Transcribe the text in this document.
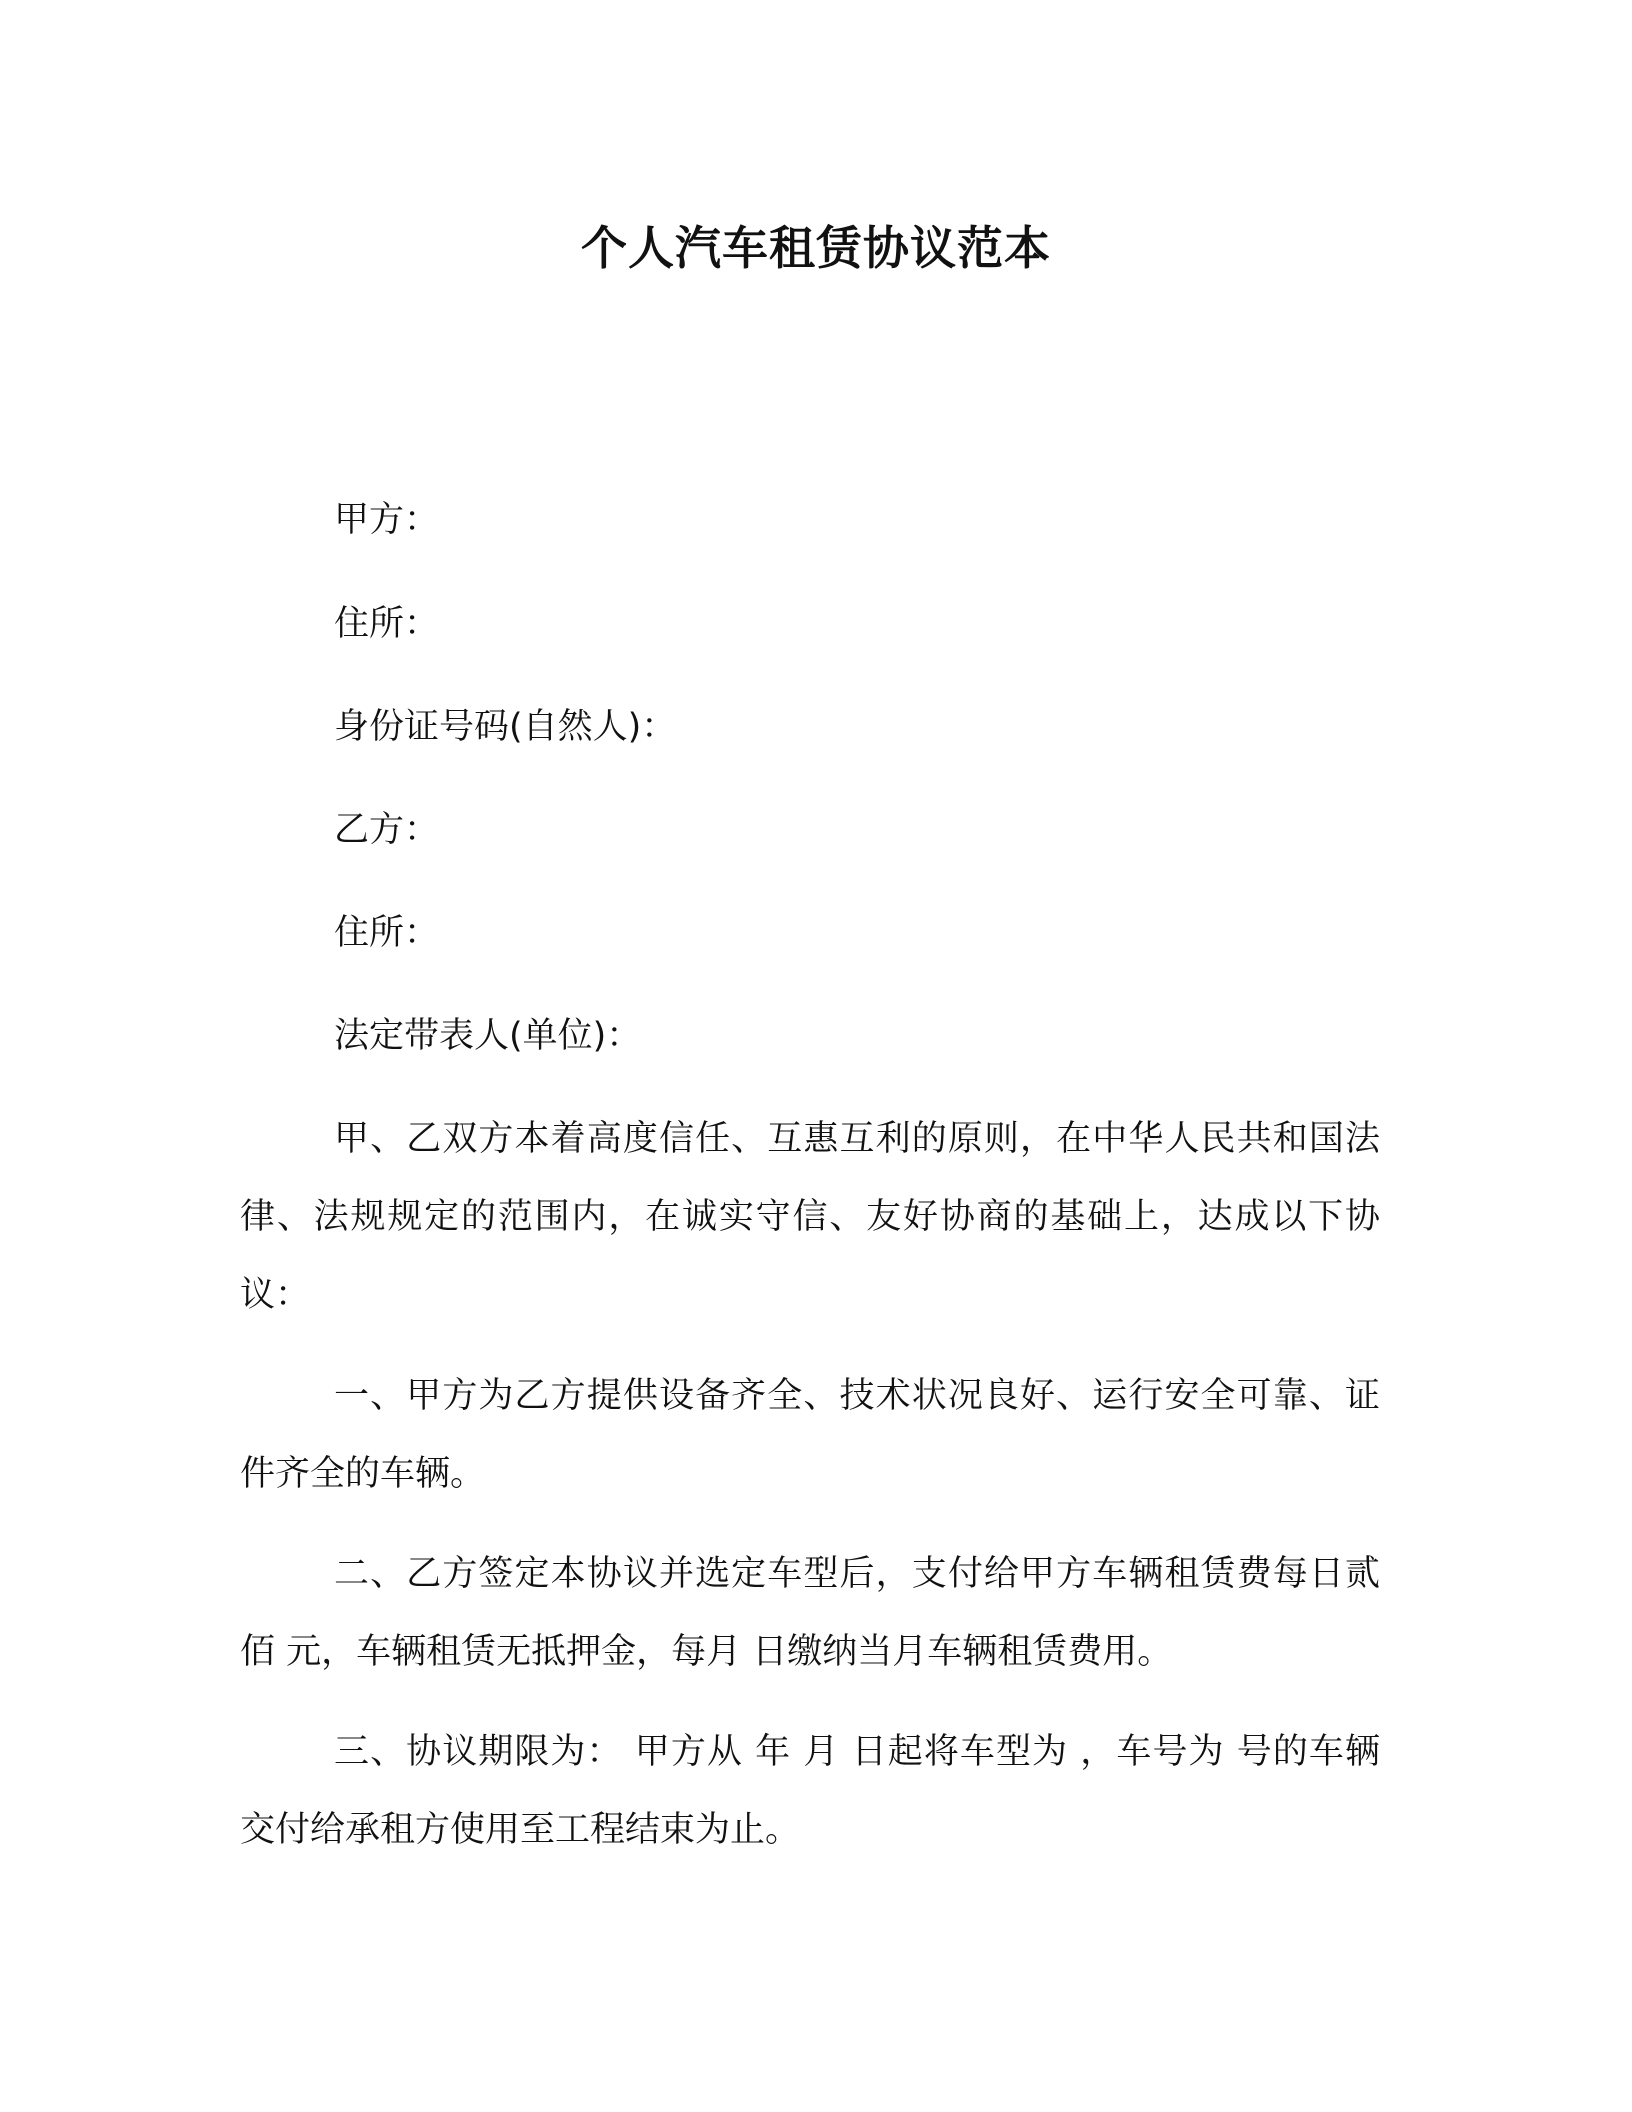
个人汽车租赁协议范本
甲方：
住所：
身份证号码(自然人)：
乙方：
住所：
法定带表人(单位)：
甲、乙双方本着高度信任、互惠互利的原则，在中华人民共和国法律、法规规定的范围内，在诚实守信、友好协商的基础上，达成以下协议：
一、甲方为乙方提供设备齐全、技术状况良好、运行安全可靠、证件齐全的车辆。
二、乙方签定本协议并选定车型后，支付给甲方车辆租赁费每日贰佰 元，车辆租赁无抵押金，每月 日缴纳当月车辆租赁费用。
三、协议期限为： 甲方从 年 月 日起将车型为 ，车号为 号的车辆交付给承租方使用至工程结束为止。
